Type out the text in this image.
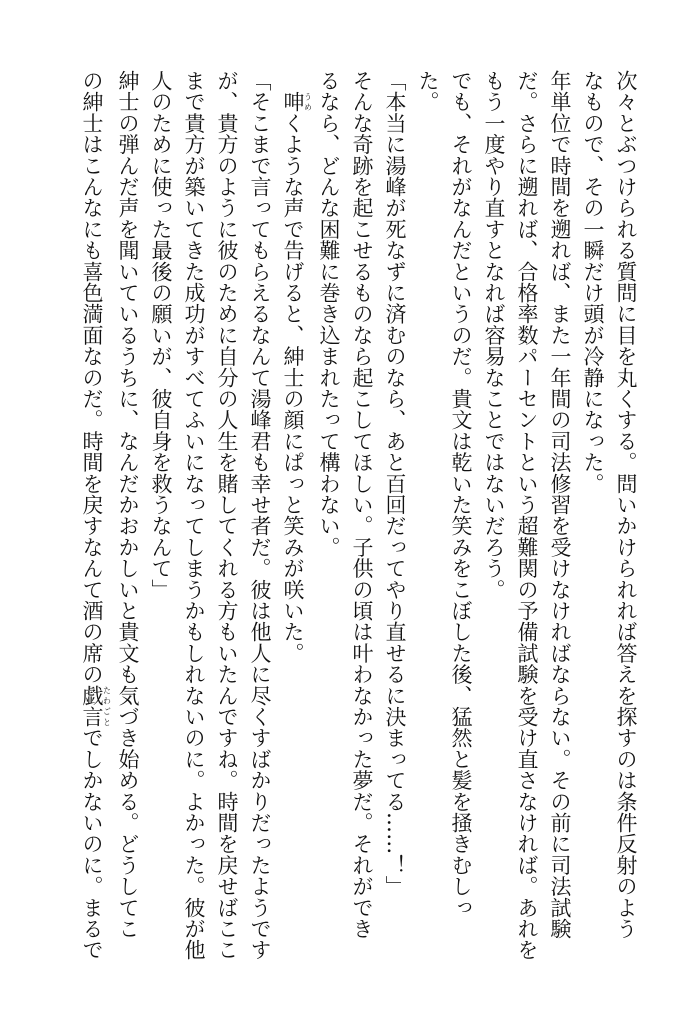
次々とぶつけられる質問に目を丸くする。問いかけられれば答えを探すのは条件反射のよう
なもので、その一瞬だけ頭が冷静になった。
年単位で時間を遡れば、また一年間の司法修習を受けなければならない。その前に司法試験
だ。さらに遡れば、合格率数パーセントという超難関の予備試験を受け直さなければ。あれを
もう一度やり直すとなれば容易なことではないだろう。
でも、それがなんだというのだ。貴文は乾いた笑みをこぼした後、猛然と髪を掻きむしっ
た。
「本当に湯峰が死なずに済むのなら、あと百回だってやり直せるに決まってる……！」
そんな奇跡を起こせるものなら起こしてほしい。子供の頃は叶わなかった夢だ。それができ
るなら、どんな困難に巻き込まれたって構わない。
　呻うめくような声で告げると、紳士の顔にぱっと笑みが咲いた。
「そこまで言ってもらえるなんて湯峰君も幸せ者だ。彼は他人に尽くすばかりだったようです
が、貴方のように彼のために自分の人生を賭してくれる方もいたんですね。時間を戻せばここ
まで貴方が築いてきた成功がすべてふいになってしまうかもしれないのに。よかった。彼が他
人のために使った最後の願いが、彼自身を救うなんて」
紳士の弾んだ声を聞いているうちに、なんだかおかしいと貴文も気づき始める。どうしてこ
の紳士はこんなにも喜色満面なのだ。時間を戻すなんて酒の席の戯言たわごとでしかないのに。まるで
